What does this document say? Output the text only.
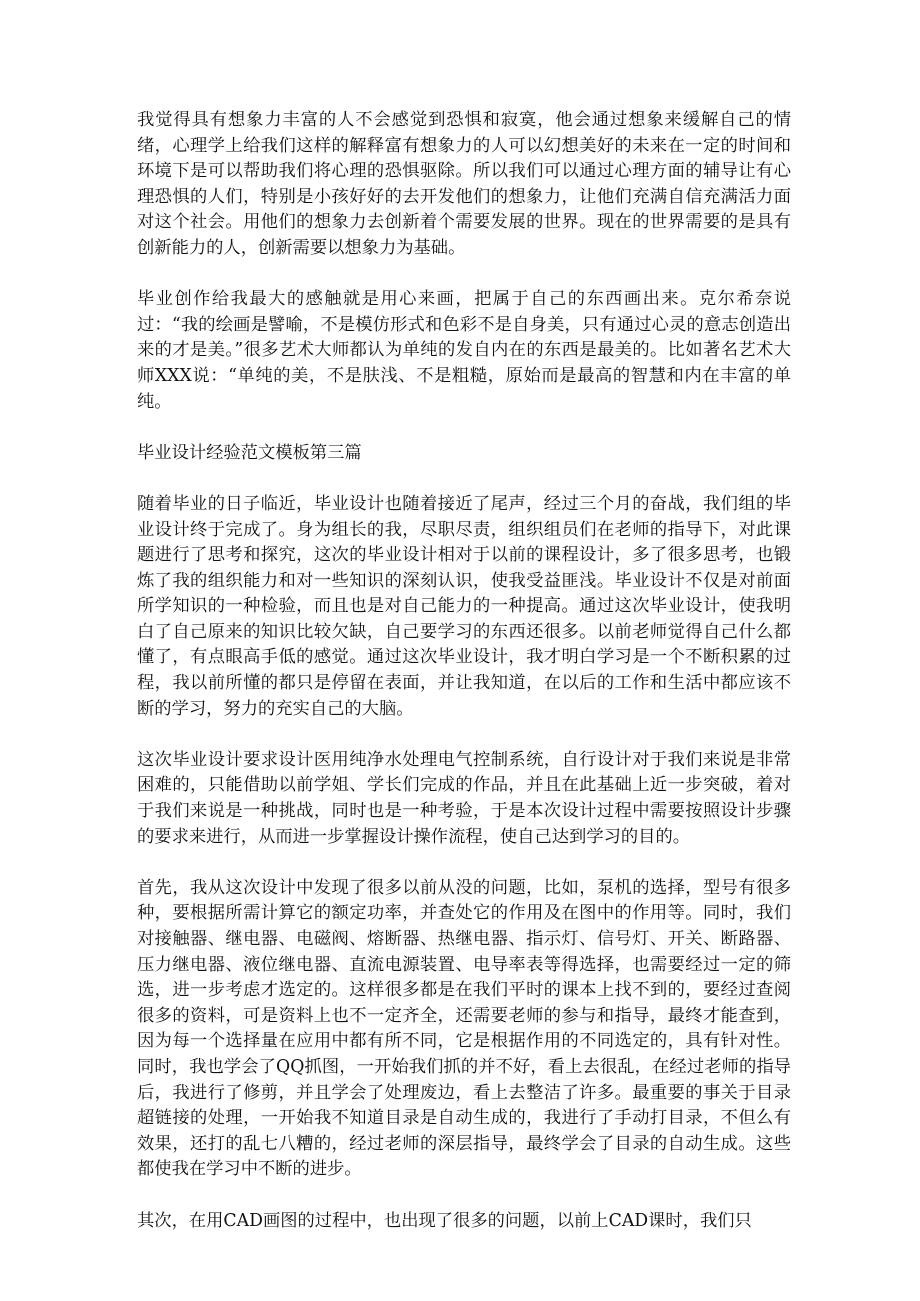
我觉得具有想象力丰富的人不会感觉到恐惧和寂寞，他会通过想象来缓解自己的情绪，心理学上给我们这样的解释富有想象力的人可以幻想美好的未来在一定的时间和环境下是可以帮助我们将心理的恐惧驱除。所以我们可以通过心理方面的辅导让有心理恐惧的人们，特别是小孩好好的去开发他们的想象力，让他们充满自信充满活力面对这个社会。用他们的想象力去创新着个需要发展的世界。现在的世界需要的是具有创新能力的人，创新需要以想象力为基础。

毕业创作给我最大的感触就是用心来画，把属于自己的东西画出来。克尔希奈说过：“我的绘画是譬喻，不是模仿形式和色彩不是自身美，只有通过心灵的意志创造出来的才是美。”很多艺术大师都认为单纯的发自内在的东西是最美的。比如著名艺术大师XXX说：“单纯的美，不是肤浅、不是粗糙，原始而是最高的智慧和内在丰富的单纯。

毕业设计经验范文模板第三篇

随着毕业的日子临近，毕业设计也随着接近了尾声，经过三个月的奋战，我们组的毕业设计终于完成了。身为组长的我，尽职尽责，组织组员们在老师的指导下，对此课题进行了思考和探究，这次的毕业设计相对于以前的课程设计，多了很多思考，也锻炼了我的组织能力和对一些知识的深刻认识，使我受益匪浅。毕业设计不仅是对前面所学知识的一种检验，而且也是对自己能力的一种提高。通过这次毕业设计，使我明白了自己原来的知识比较欠缺，自己要学习的东西还很多。以前老师觉得自己什么都懂了，有点眼高手低的感觉。通过这次毕业设计，我才明白学习是一个不断积累的过程，我以前所懂的都只是停留在表面，并让我知道，在以后的工作和生活中都应该不断的学习，努力的充实自己的大脑。

这次毕业设计要求设计医用纯净水处理电气控制系统，自行设计对于我们来说是非常困难的，只能借助以前学姐、学长们完成的作品，并且在此基础上近一步突破，着对于我们来说是一种挑战，同时也是一种考验，于是本次设计过程中需要按照设计步骤的要求来进行，从而进一步掌握设计操作流程，使自己达到学习的目的。

首先，我从这次设计中发现了很多以前从没的问题，比如，泵机的选择，型号有很多种，要根据所需计算它的额定功率，并查处它的作用及在图中的作用等。同时，我们对接触器、继电器、电磁阀、熔断器、热继电器、指示灯、信号灯、开关、断路器、压力继电器、液位继电器、直流电源装置、电导率表等得选择，也需要经过一定的筛选，进一步考虑才选定的。这样很多都是在我们平时的课本上找不到的，要经过查阅很多的资料，可是资料上也不一定齐全，还需要老师的参与和指导，最终才能查到，因为每一个选择量在应用中都有所不同，它是根据作用的不同选定的，具有针对性。同时，我也学会了QQ抓图，一开始我们抓的并不好，看上去很乱，在经过老师的指导后，我进行了修剪，并且学会了处理废边，看上去整洁了许多。最重要的事关于目录超链接的处理，一开始我不知道目录是自动生成的，我进行了手动打目录，不但么有效果，还打的乱七八糟的，经过老师的深层指导，最终学会了目录的自动生成。这些都使我在学习中不断的进步。

其次，在用CAD画图的过程中，也出现了很多的问题，以前上CAD课时，我们只
